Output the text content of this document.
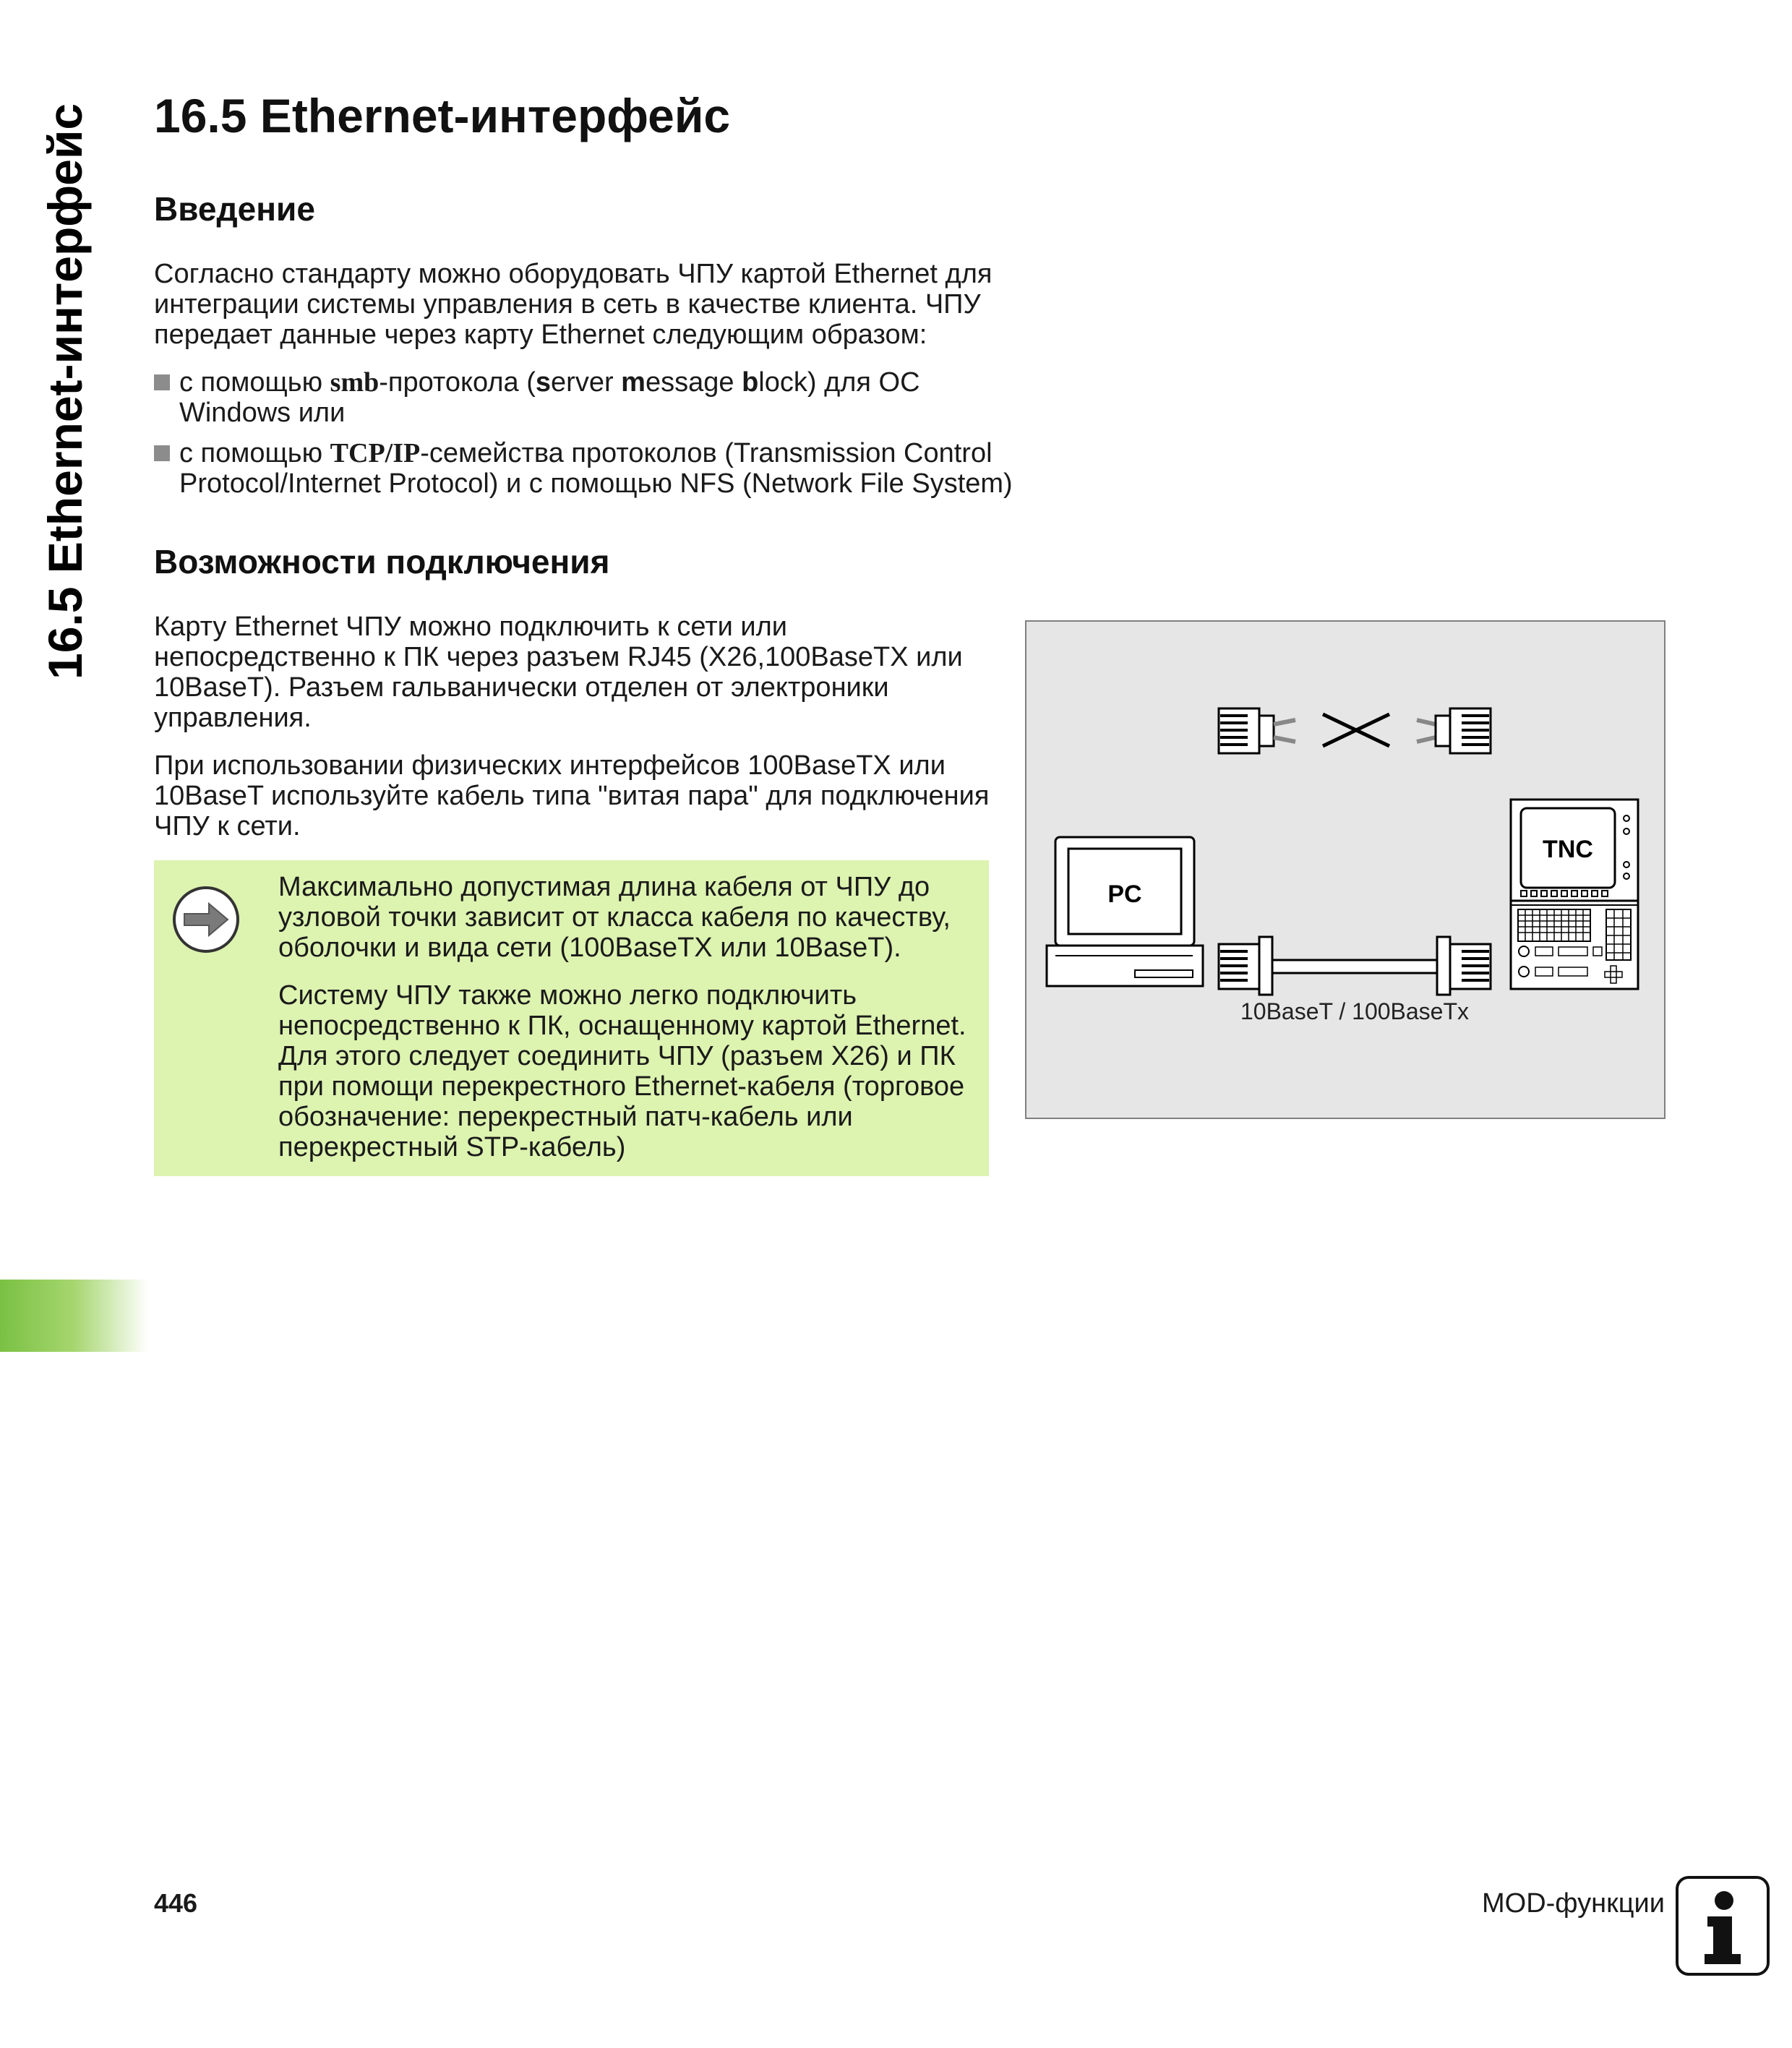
16.5 Ethernet-интерфейс 16.5 Ethernet-интерфейс
Введение
Согласно стандарту можно оборудовать ЧПУ картой Ethernet для
интеграции системы управления в сеть в качестве клиента. ЧПУ
передает данные через карту Ethernet следующим образом:
с помощью smb-протокола (server message block) для ОС
Windows или
с помощью TCP/IP-семейства протоколов (Transmission Control
Protocol/Internet Protocol) и с помощью NFS (Network File System)
Возможности подключения
Карту Ethernet ЧПУ можно подключить к сети или
непосредственно к ПК через разъем RJ45 (X26,100BaseTX или
10BaseT). Разъем гальванически отделен от электроники
управления.
При использовании физических интерфейсов 100BaseTX или
10BaseT используйте кабель типа "витая пара" для подключения
ЧПУ к сети.
Максимально допустимая длина кабеля от ЧПУ до
узловой точки зависит от класса кабеля по качеству,
оболочки и вида сети (100BaseTX или 10BaseT).
Систему ЧПУ также можно легко подключить
непосредственно к ПК, оснащенному картой Ethernet.
Для этого следует соединить ЧПУ (разъем X26) и ПК
при помощи перекрестного Ethernet-кабеля (торговое
обозначение: перекрестный патч-кабель или
перекрестный STP-кабель)
PC
TNC
10BaseT / 100BaseTx
446	MOD-функции
